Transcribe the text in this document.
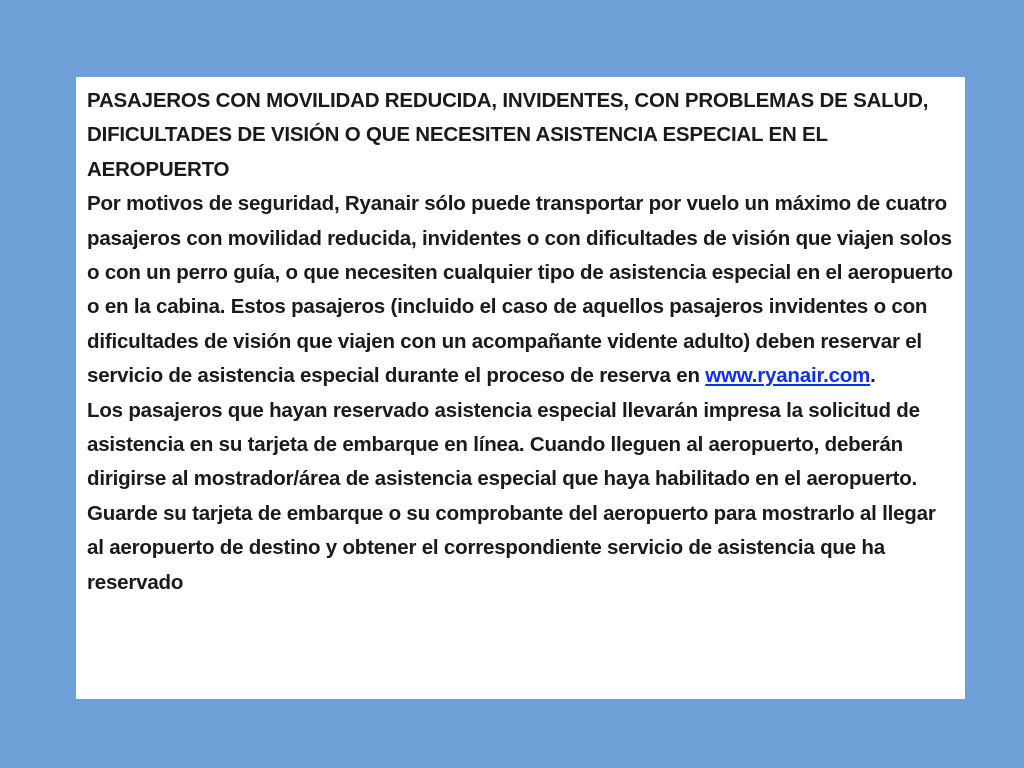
PASAJEROS CON MOVILIDAD REDUCIDA, INVIDENTES, CON PROBLEMAS DE SALUD, DIFICULTADES DE VISIÓN O QUE NECESITEN ASISTENCIA ESPECIAL EN EL AEROPUERTO

Por motivos de seguridad, Ryanair sólo puede transportar por vuelo un máximo de cuatro pasajeros con movilidad reducida, invidentes o con dificultades de visión que viajen solos o con un perro guía, o que necesiten cualquier tipo de asistencia especial en el aeropuerto o en la cabina. Estos pasajeros (incluido el caso de aquellos pasajeros invidentes o con dificultades de visión que viajen con un acompañante vidente adulto) deben reservar el servicio de asistencia especial durante el proceso de reserva en www.ryanair.com.

Los pasajeros que hayan reservado asistencia especial llevarán impresa la solicitud de asistencia en su tarjeta de embarque en línea. Cuando lleguen al aeropuerto, deberán dirigirse al mostrador/área de asistencia especial que haya habilitado en el aeropuerto.

Guarde su tarjeta de embarque o su comprobante del aeropuerto para mostrarlo al llegar al aeropuerto de destino y obtener el correspondiente servicio de asistencia que ha reservado
